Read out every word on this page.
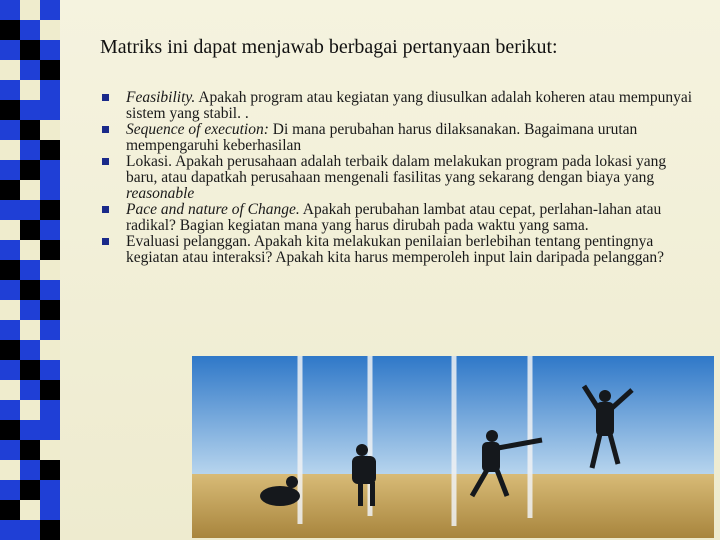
Matriks ini dapat menjawab berbagai pertanyaan berikut:
Feasibility. Apakah program atau kegiatan yang diusulkan adalah koheren atau mempunyai sistem yang stabil. .
Sequence of execution: Di mana perubahan harus dilaksanakan. Bagaimana urutan mempengaruhi keberhasilan
Lokasi. Apakah perusahaan adalah terbaik dalam melakukan program pada lokasi yang baru, atau dapatkah perusahaan mengenali fasilitas yang sekarang dengan biaya yang reasonable
Pace and nature of Change. Apakah perubahan lambat atau cepat, perlahan-lahan atau radikal? Bagian kegiatan mana yang harus dirubah pada waktu yang sama.
Evaluasi pelanggan. Apakah kita melakukan penilaian berlebihan tentang pentingnya kegiatan atau interaksi? Apakah kita harus memperoleh input lain daripada pelanggan?
